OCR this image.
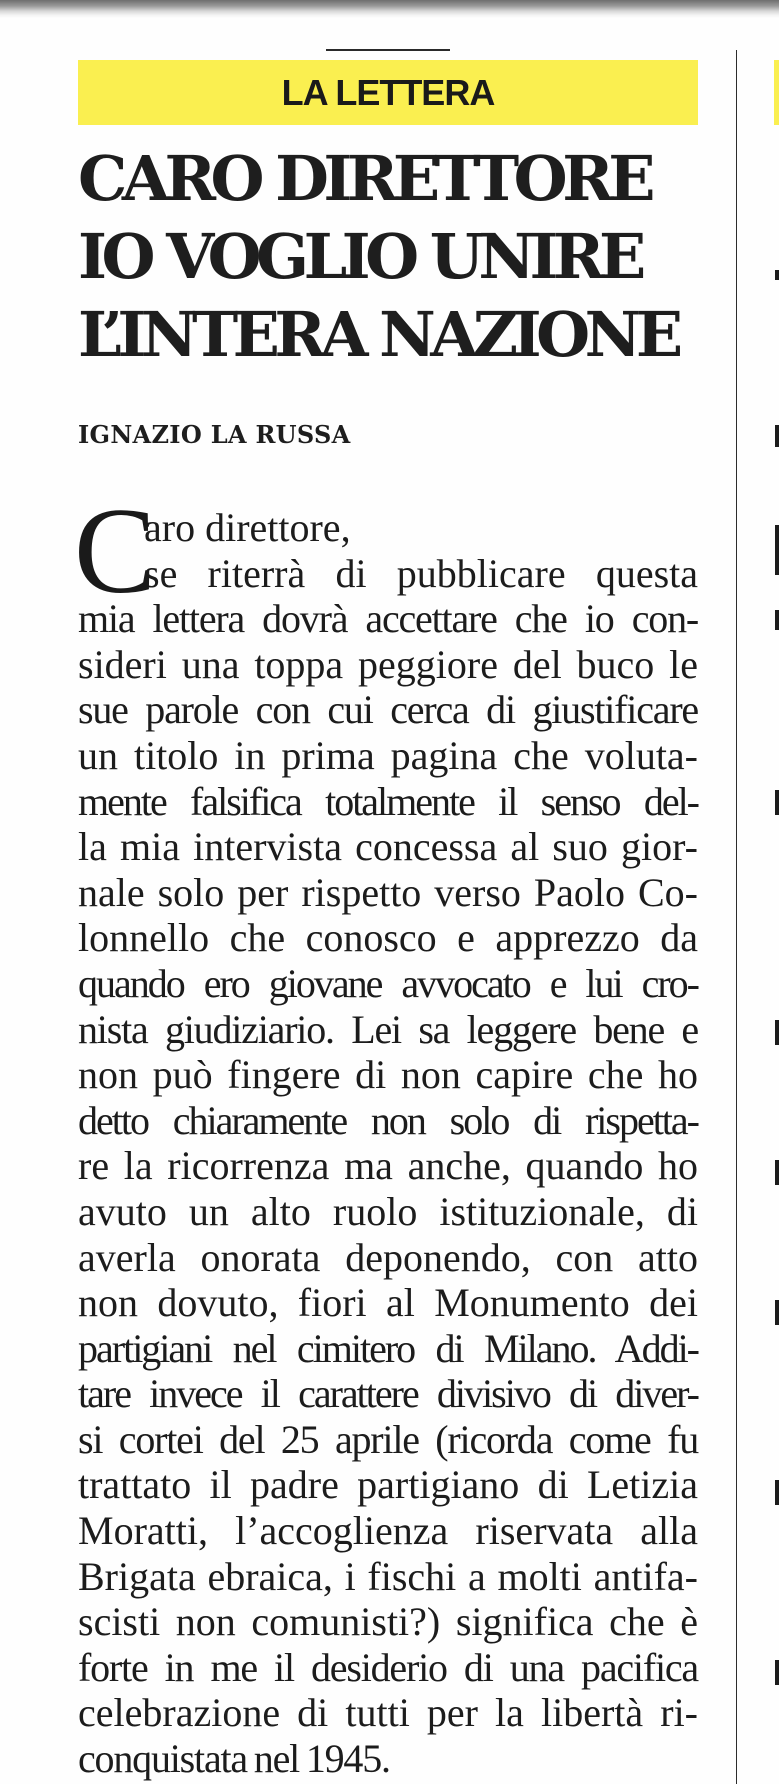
LA LETTERA
CARO DIRETTORE
IO VOGLIO UNIRE
L’INTERA NAZIONE
IGNAZIO LA RUSSA
C
aro direttore,
se riterrà di pubblicare questa
mia lettera dovrà accettare che io con-
sideri una toppa peggiore del buco le
sue parole con cui cerca di giustificare
un titolo in prima pagina che voluta-
mente falsifica totalmente il senso del-
la mia intervista concessa al suo gior-
nale solo per rispetto verso Paolo Co-
lonnello che conosco e apprezzo da
quando ero giovane avvocato e lui cro-
nista giudiziario. Lei sa leggere bene e
non può fingere di non capire che ho
detto chiaramente non solo di rispetta-
re la ricorrenza ma anche, quando ho
avuto un alto ruolo istituzionale, di
averla onorata deponendo, con atto
non dovuto, fiori al Monumento dei
partigiani nel cimitero di Milano. Addi-
tare invece il carattere divisivo di diver-
si cortei del 25 aprile (ricorda come fu
trattato il padre partigiano di Letizia
Moratti, l’accoglienza riservata alla
Brigata ebraica, i fischi a molti antifa-
scisti non comunisti?) significa che è
forte in me il desiderio di una pacifica
celebrazione di tutti per la libertà ri-
conquistata nel 1945.
